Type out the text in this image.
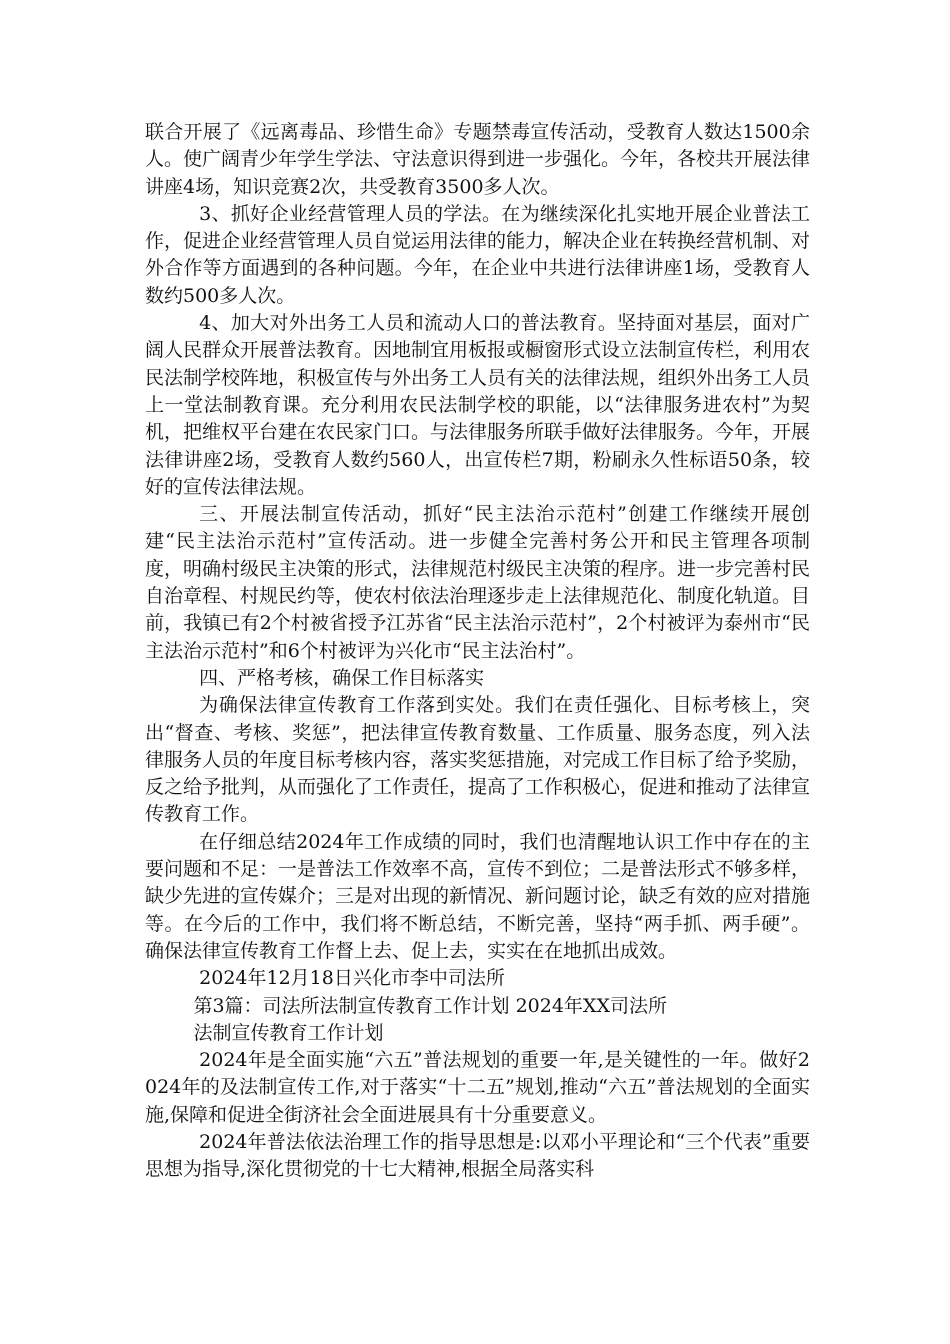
联合开展了《远离毒品、珍惜生命》专题禁毒宣传活动，受教育人数达1500余人。使广阔青少年学生学法、守法意识得到进一步强化。今年，各校共开展法律讲座4场，知识竞赛2次，共受教育3500多人次。

3、抓好企业经营管理人员的学法。在为继续深化扎实地开展企业普法工作，促进企业经营管理人员自觉运用法律的能力，解决企业在转换经营机制、对外合作等方面遇到的各种问题。今年，在企业中共进行法律讲座1场，受教育人数约500多人次。

4、加大对外出务工人员和流动人口的普法教育。坚持面对基层，面对广阔人民群众开展普法教育。因地制宜用板报或橱窗形式设立法制宣传栏，利用农民法制学校阵地，积极宣传与外出务工人员有关的法律法规，组织外出务工人员上一堂法制教育课。充分利用农民法制学校的职能，以“法律服务进农村”为契机，把维权平台建在农民家门口。与法律服务所联手做好法律服务。今年，开展法律讲座2场，受教育人数约560人，出宣传栏7期，粉刷永久性标语50条，较好的宣传法律法规。

三、开展法制宣传活动，抓好“民主法治示范村”创建工作继续开展创建“民主法治示范村”宣传活动。进一步健全完善村务公开和民主管理各项制度，明确村级民主决策的形式，法律规范村级民主决策的程序。进一步完善村民自治章程、村规民约等，使农村依法治理逐步走上法律规范化、制度化轨道。目前，我镇已有2个村被省授予江苏省“民主法治示范村”，2个村被评为泰州市“民主法治示范村”和6个村被评为兴化市“民主法治村”。

四、严格考核，确保工作目标落实

为确保法律宣传教育工作落到实处。我们在责任强化、目标考核上，突出“督查、考核、奖惩”，把法律宣传教育数量、工作质量、服务态度，列入法律服务人员的年度目标考核内容，落实奖惩措施，对完成工作目标了给予奖励，反之给予批判，从而强化了工作责任，提高了工作积极心，促进和推动了法律宣传教育工作。

在仔细总结2024年工作成绩的同时，我们也清醒地认识工作中存在的主要问题和不足：一是普法工作效率不高，宣传不到位；二是普法形式不够多样，缺少先进的宣传媒介；三是对出现的新情况、新问题讨论，缺乏有效的应对措施等。在今后的工作中，我们将不断总结，不断完善，坚持“两手抓、两手硬”。确保法律宣传教育工作督上去、促上去，实实在在地抓出成效。

2024年12月18日兴化市李中司法所

第3篇：司法所法制宣传教育工作计划 2024年XX司法所

法制宣传教育工作计划

2024年是全面实施“六五”普法规划的重要一年,是关键性的一年。做好2024年的及法制宣传工作,对于落实“十二五”规划,推动“六五”普法规划的全面实施,保障和促进全街济社会全面进展具有十分重要意义。

2024年普法依法治理工作的指导思想是:以邓小平理论和“三个代表”重要思想为指导,深化贯彻党的十七大精神,根据全局落实科
